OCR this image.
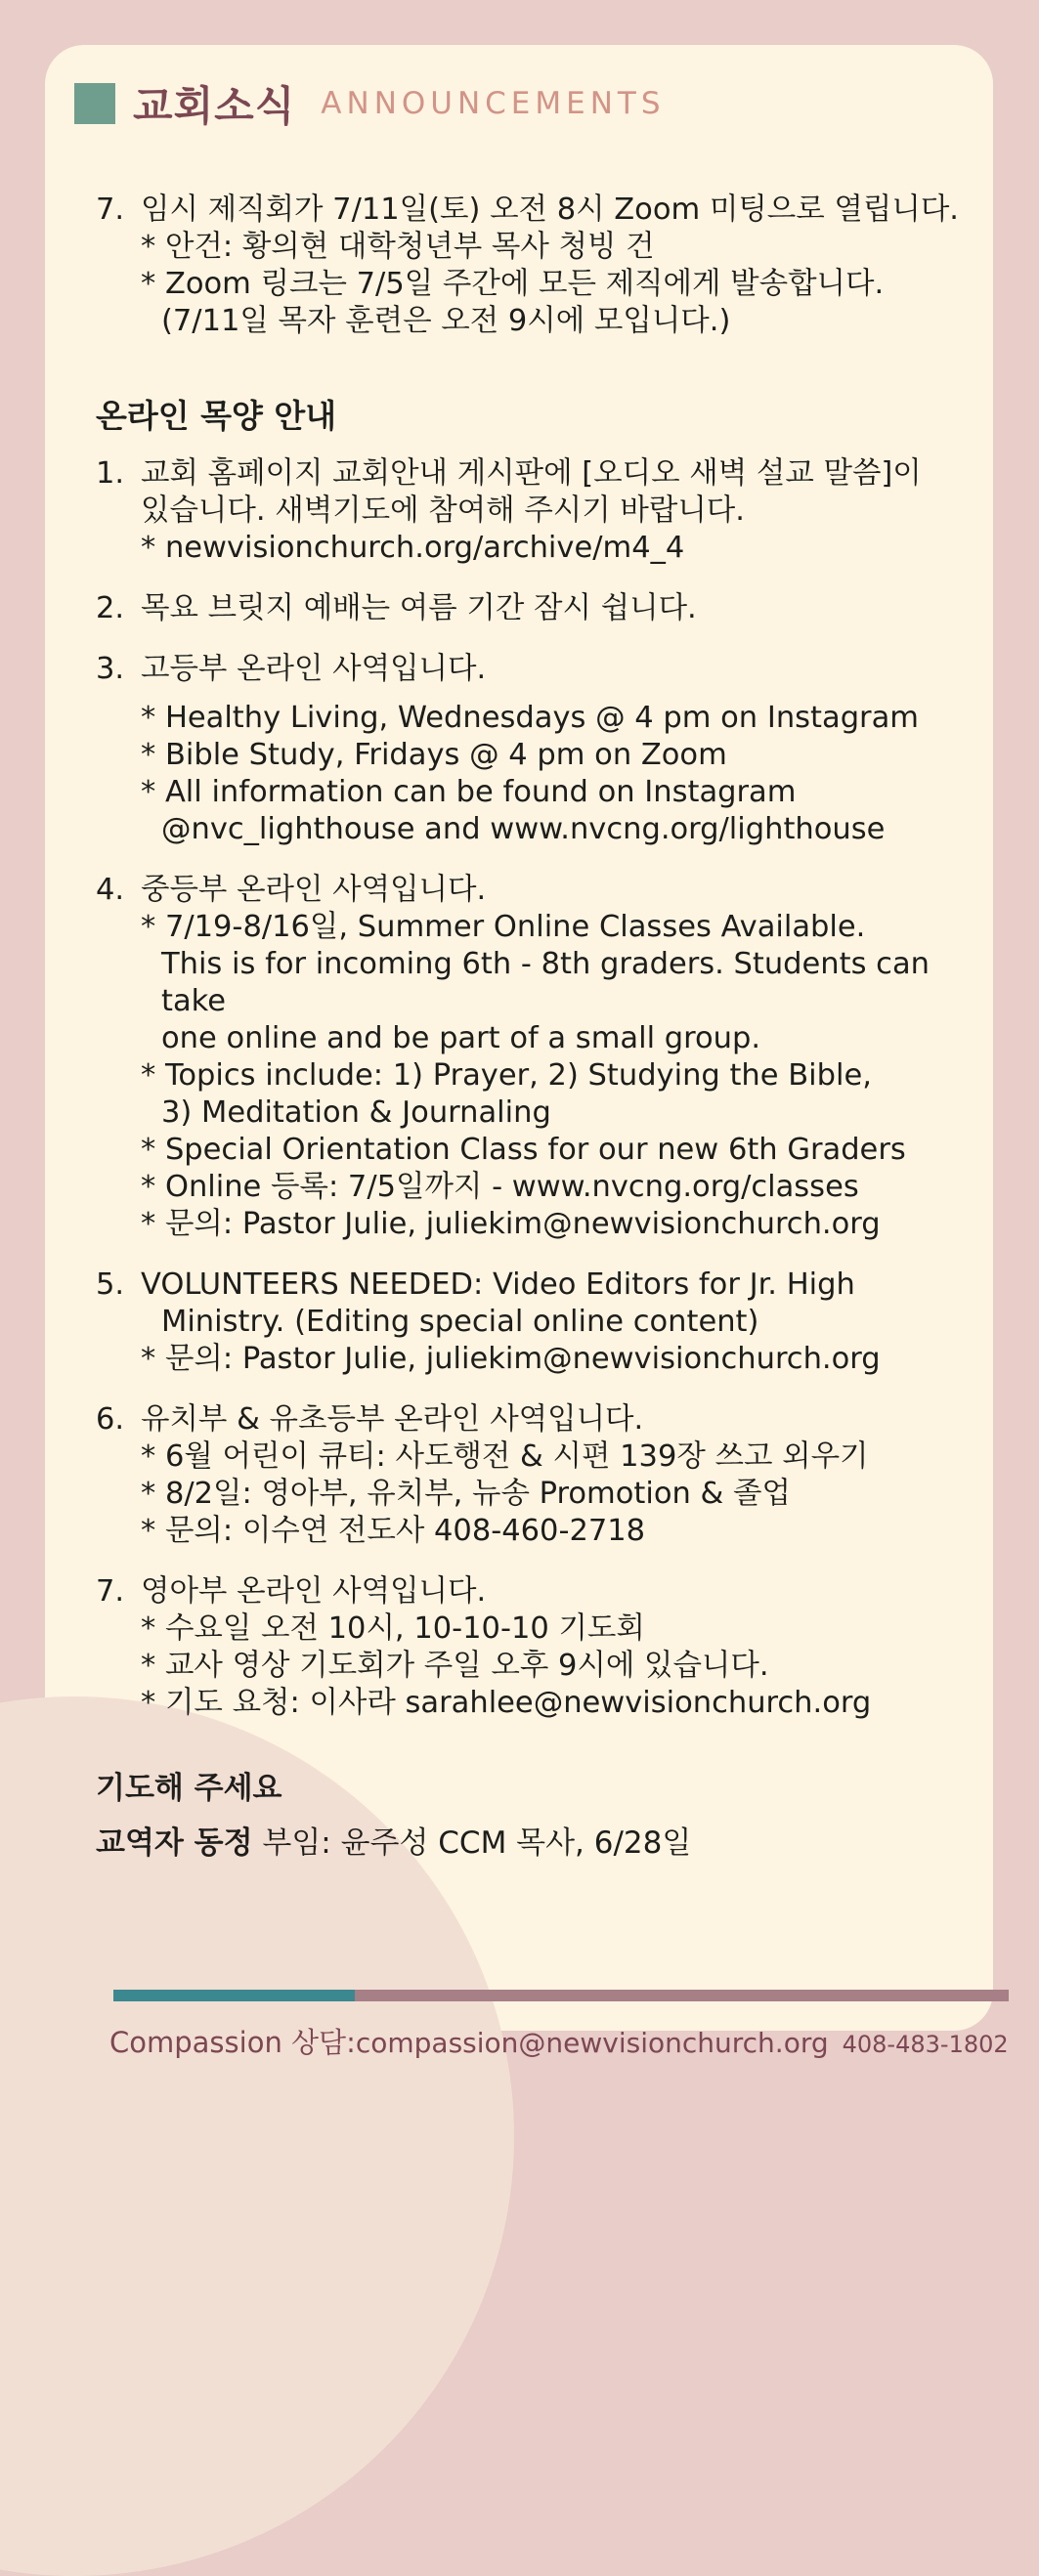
교회소식 ANNOUNCEMENTS
7. 임시 제직회가 7/11일(토) 오전 8시 Zoom 미팅으로 열립니다.
* 안건: 황의현 대학청년부 목사 청빙 건
* Zoom 링크는 7/5일 주간에 모든 제직에게 발송합니다.
(7/11일 목자 훈련은 오전 9시에 모입니다.)
온라인 목양 안내
1. 교회 홈페이지 교회안내 게시판에 [오디오 새벽 설교 말씀]이
있습니다. 새벽기도에 참여해 주시기 바랍니다.
* newvisionchurch.org/archive/m4_4
2. 목요 브릿지 예배는 여름 기간 잠시 쉽니다.
3. 고등부 온라인 사역입니다.
* Healthy Living, Wednesdays @ 4 pm on Instagram
* Bible Study, Fridays @ 4 pm on Zoom
* All information can be found on Instagram
@nvc_lighthouse and www.nvcng.org/lighthouse
4. 중등부 온라인 사역입니다.
* 7/19-8/16일, Summer Online Classes Available.
This is for incoming 6th - 8th graders. Students can take
one online and be part of a small group.
* Topics include: 1) Prayer, 2) Studying the Bible,
3) Meditation & Journaling
* Special Orientation Class for our new 6th Graders
* Online 등록: 7/5일까지 - www.nvcng.org/classes
* 문의: Pastor Julie, juliekim@newvisionchurch.org
5. VOLUNTEERS NEEDED: Video Editors for Jr. High
Ministry. (Editing special online content)
* 문의: Pastor Julie, juliekim@newvisionchurch.org
6. 유치부 & 유초등부 온라인 사역입니다.
* 6월 어린이 큐티: 사도행전 & 시편 139장 쓰고 외우기
* 8/2일: 영아부, 유치부, 뉴송 Promotion & 졸업
* 문의: 이수연 전도사 408-460-2718
7. 영아부 온라인 사역입니다.
* 수요일 오전 10시, 10-10-10 기도회
* 교사 영상 기도회가 주일 오후 9시에 있습니다.
* 기도 요청: 이사라 sarahlee@newvisionchurch.org
기도해 주세요
교역자 동정 부임: 윤주성 CCM 목사, 6/28일
Compassion 상담: compassion@newvisionchurch.org 408-483-1802
